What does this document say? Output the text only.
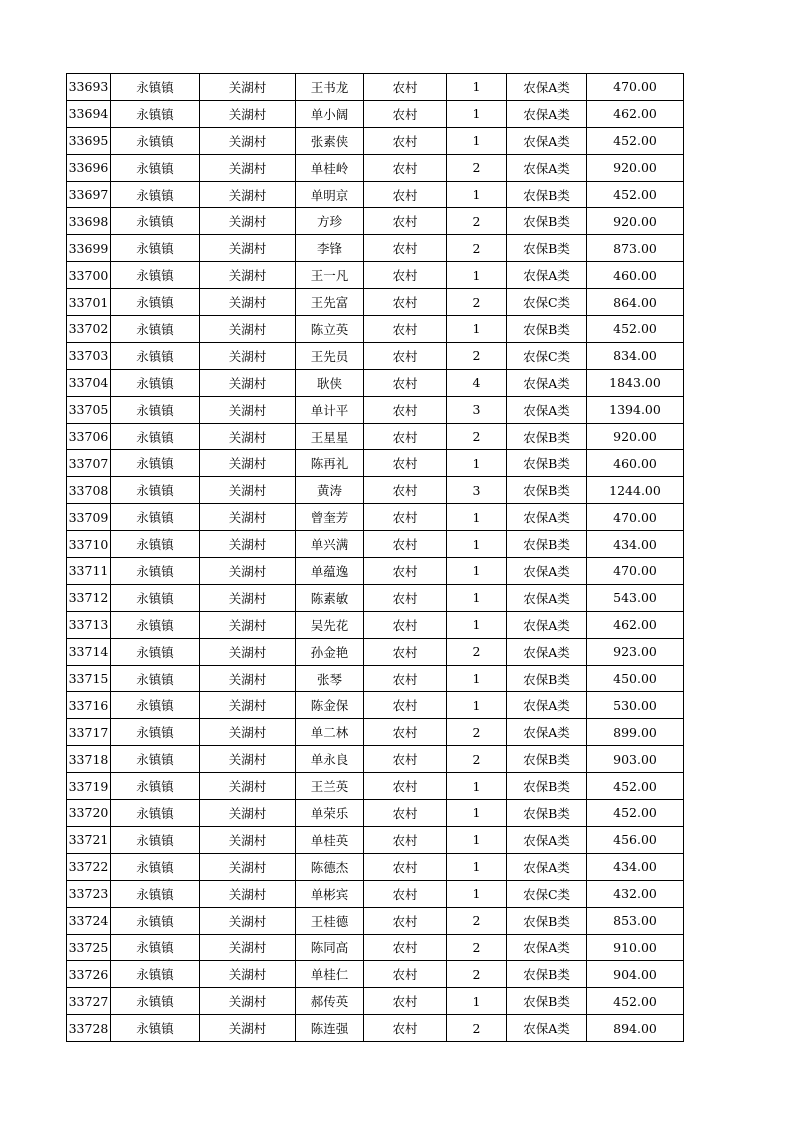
33693	永镇镇	关湖村	王书龙	农村	1	农保A类	470.00
33694	永镇镇	关湖村	单小阔	农村	1	农保A类	462.00
33695	永镇镇	关湖村	张素侠	农村	1	农保A类	452.00
33696	永镇镇	关湖村	单桂岭	农村	2	农保A类	920.00
33697	永镇镇	关湖村	单明京	农村	1	农保B类	452.00
33698	永镇镇	关湖村	方珍	农村	2	农保B类	920.00
33699	永镇镇	关湖村	李锋	农村	2	农保B类	873.00
33700	永镇镇	关湖村	王一凡	农村	1	农保A类	460.00
33701	永镇镇	关湖村	王先富	农村	2	农保C类	864.00
33702	永镇镇	关湖村	陈立英	农村	1	农保B类	452.00
33703	永镇镇	关湖村	王先员	农村	2	农保C类	834.00
33704	永镇镇	关湖村	耿侠	农村	4	农保A类	1843.00
33705	永镇镇	关湖村	单计平	农村	3	农保A类	1394.00
33706	永镇镇	关湖村	王星星	农村	2	农保B类	920.00
33707	永镇镇	关湖村	陈再礼	农村	1	农保B类	460.00
33708	永镇镇	关湖村	黄涛	农村	3	农保B类	1244.00
33709	永镇镇	关湖村	曾奎芳	农村	1	农保A类	470.00
33710	永镇镇	关湖村	单兴满	农村	1	农保B类	434.00
33711	永镇镇	关湖村	单蕴逸	农村	1	农保A类	470.00
33712	永镇镇	关湖村	陈素敏	农村	1	农保A类	543.00
33713	永镇镇	关湖村	吴先花	农村	1	农保A类	462.00
33714	永镇镇	关湖村	孙金艳	农村	2	农保A类	923.00
33715	永镇镇	关湖村	张琴	农村	1	农保B类	450.00
33716	永镇镇	关湖村	陈金保	农村	1	农保A类	530.00
33717	永镇镇	关湖村	单二林	农村	2	农保A类	899.00
33718	永镇镇	关湖村	单永良	农村	2	农保B类	903.00
33719	永镇镇	关湖村	王兰英	农村	1	农保B类	452.00
33720	永镇镇	关湖村	单荣乐	农村	1	农保B类	452.00
33721	永镇镇	关湖村	单桂英	农村	1	农保A类	456.00
33722	永镇镇	关湖村	陈德杰	农村	1	农保A类	434.00
33723	永镇镇	关湖村	单彬宾	农村	1	农保C类	432.00
33724	永镇镇	关湖村	王桂德	农村	2	农保B类	853.00
33725	永镇镇	关湖村	陈同高	农村	2	农保A类	910.00
33726	永镇镇	关湖村	单桂仁	农村	2	农保B类	904.00
33727	永镇镇	关湖村	郝传英	农村	1	农保B类	452.00
33728	永镇镇	关湖村	陈连强	农村	2	农保A类	894.00
